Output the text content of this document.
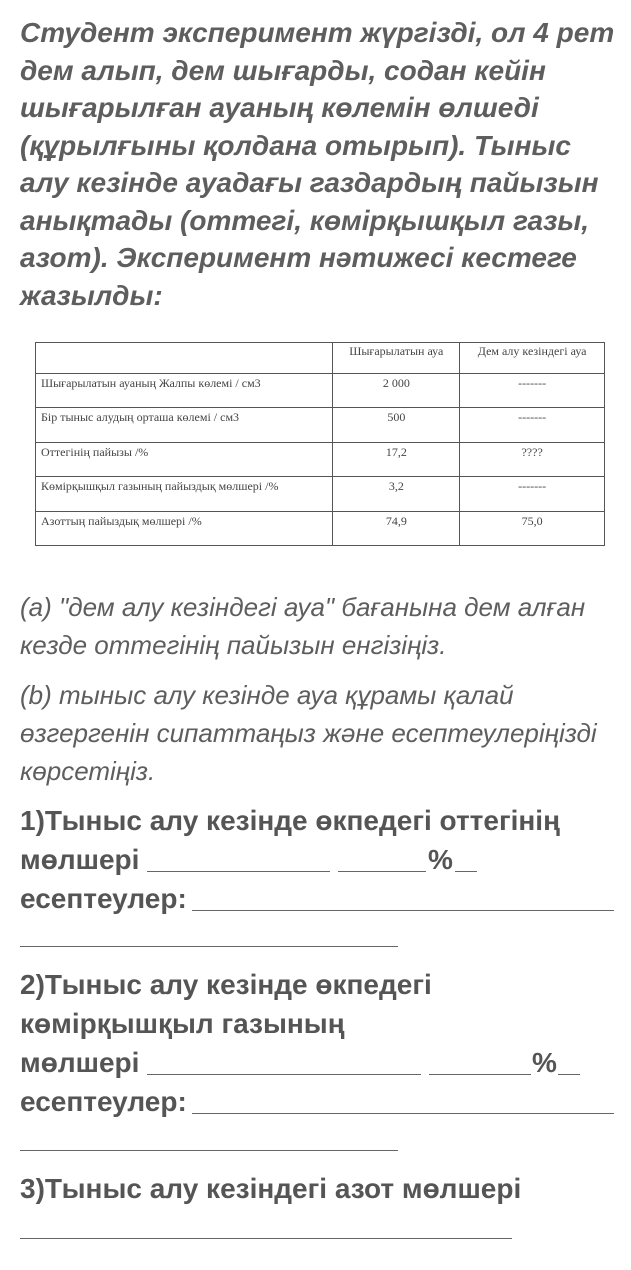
Студент эксперимент жүргізді, ол 4 рет дем алып, дем шығарды, содан кейін шығарылған ауаның көлемін өлшеді (құрылғыны қолдана отырып). Тыныс алу кезінде ауадағы газдардың пайызын анықтады (оттегі, көмірқышқыл газы, азот). Эксперимент нәтижесі кестеге жазылды:

	Шығарылатын ауа	Дем алу кезіндегі ауа
Шығарылатын ауаның Жалпы көлемі / см3	2 000	-------
Бір тыныс алудың орташа көлемі / см3	500	-------
Оттегінің пайызы /%	17,2	????
Көмірқышқыл газының пайыздық мөлшері /%	3,2	-------
Азоттың пайыздық мөлшері /%	74,9	75,0

(a) "дем алу кезіндегі ауа" бағанына дем алған кезде оттегінің пайызын енгізіңіз.

(b) тыныс алу кезінде ауа құрамы қалай өзгергенін сипаттаңыз және есептеулеріңізді көрсетіңіз.

1)Тыныс алу кезінде өкпедегі оттегінің
мөлшері	%
есептеулер:
2)Тыныс алу кезінде өкпедегі
көмірқышқыл газының
мөлшері	%
есептеулер:
3)Тыныс алу кезіндегі азот мөлшері
